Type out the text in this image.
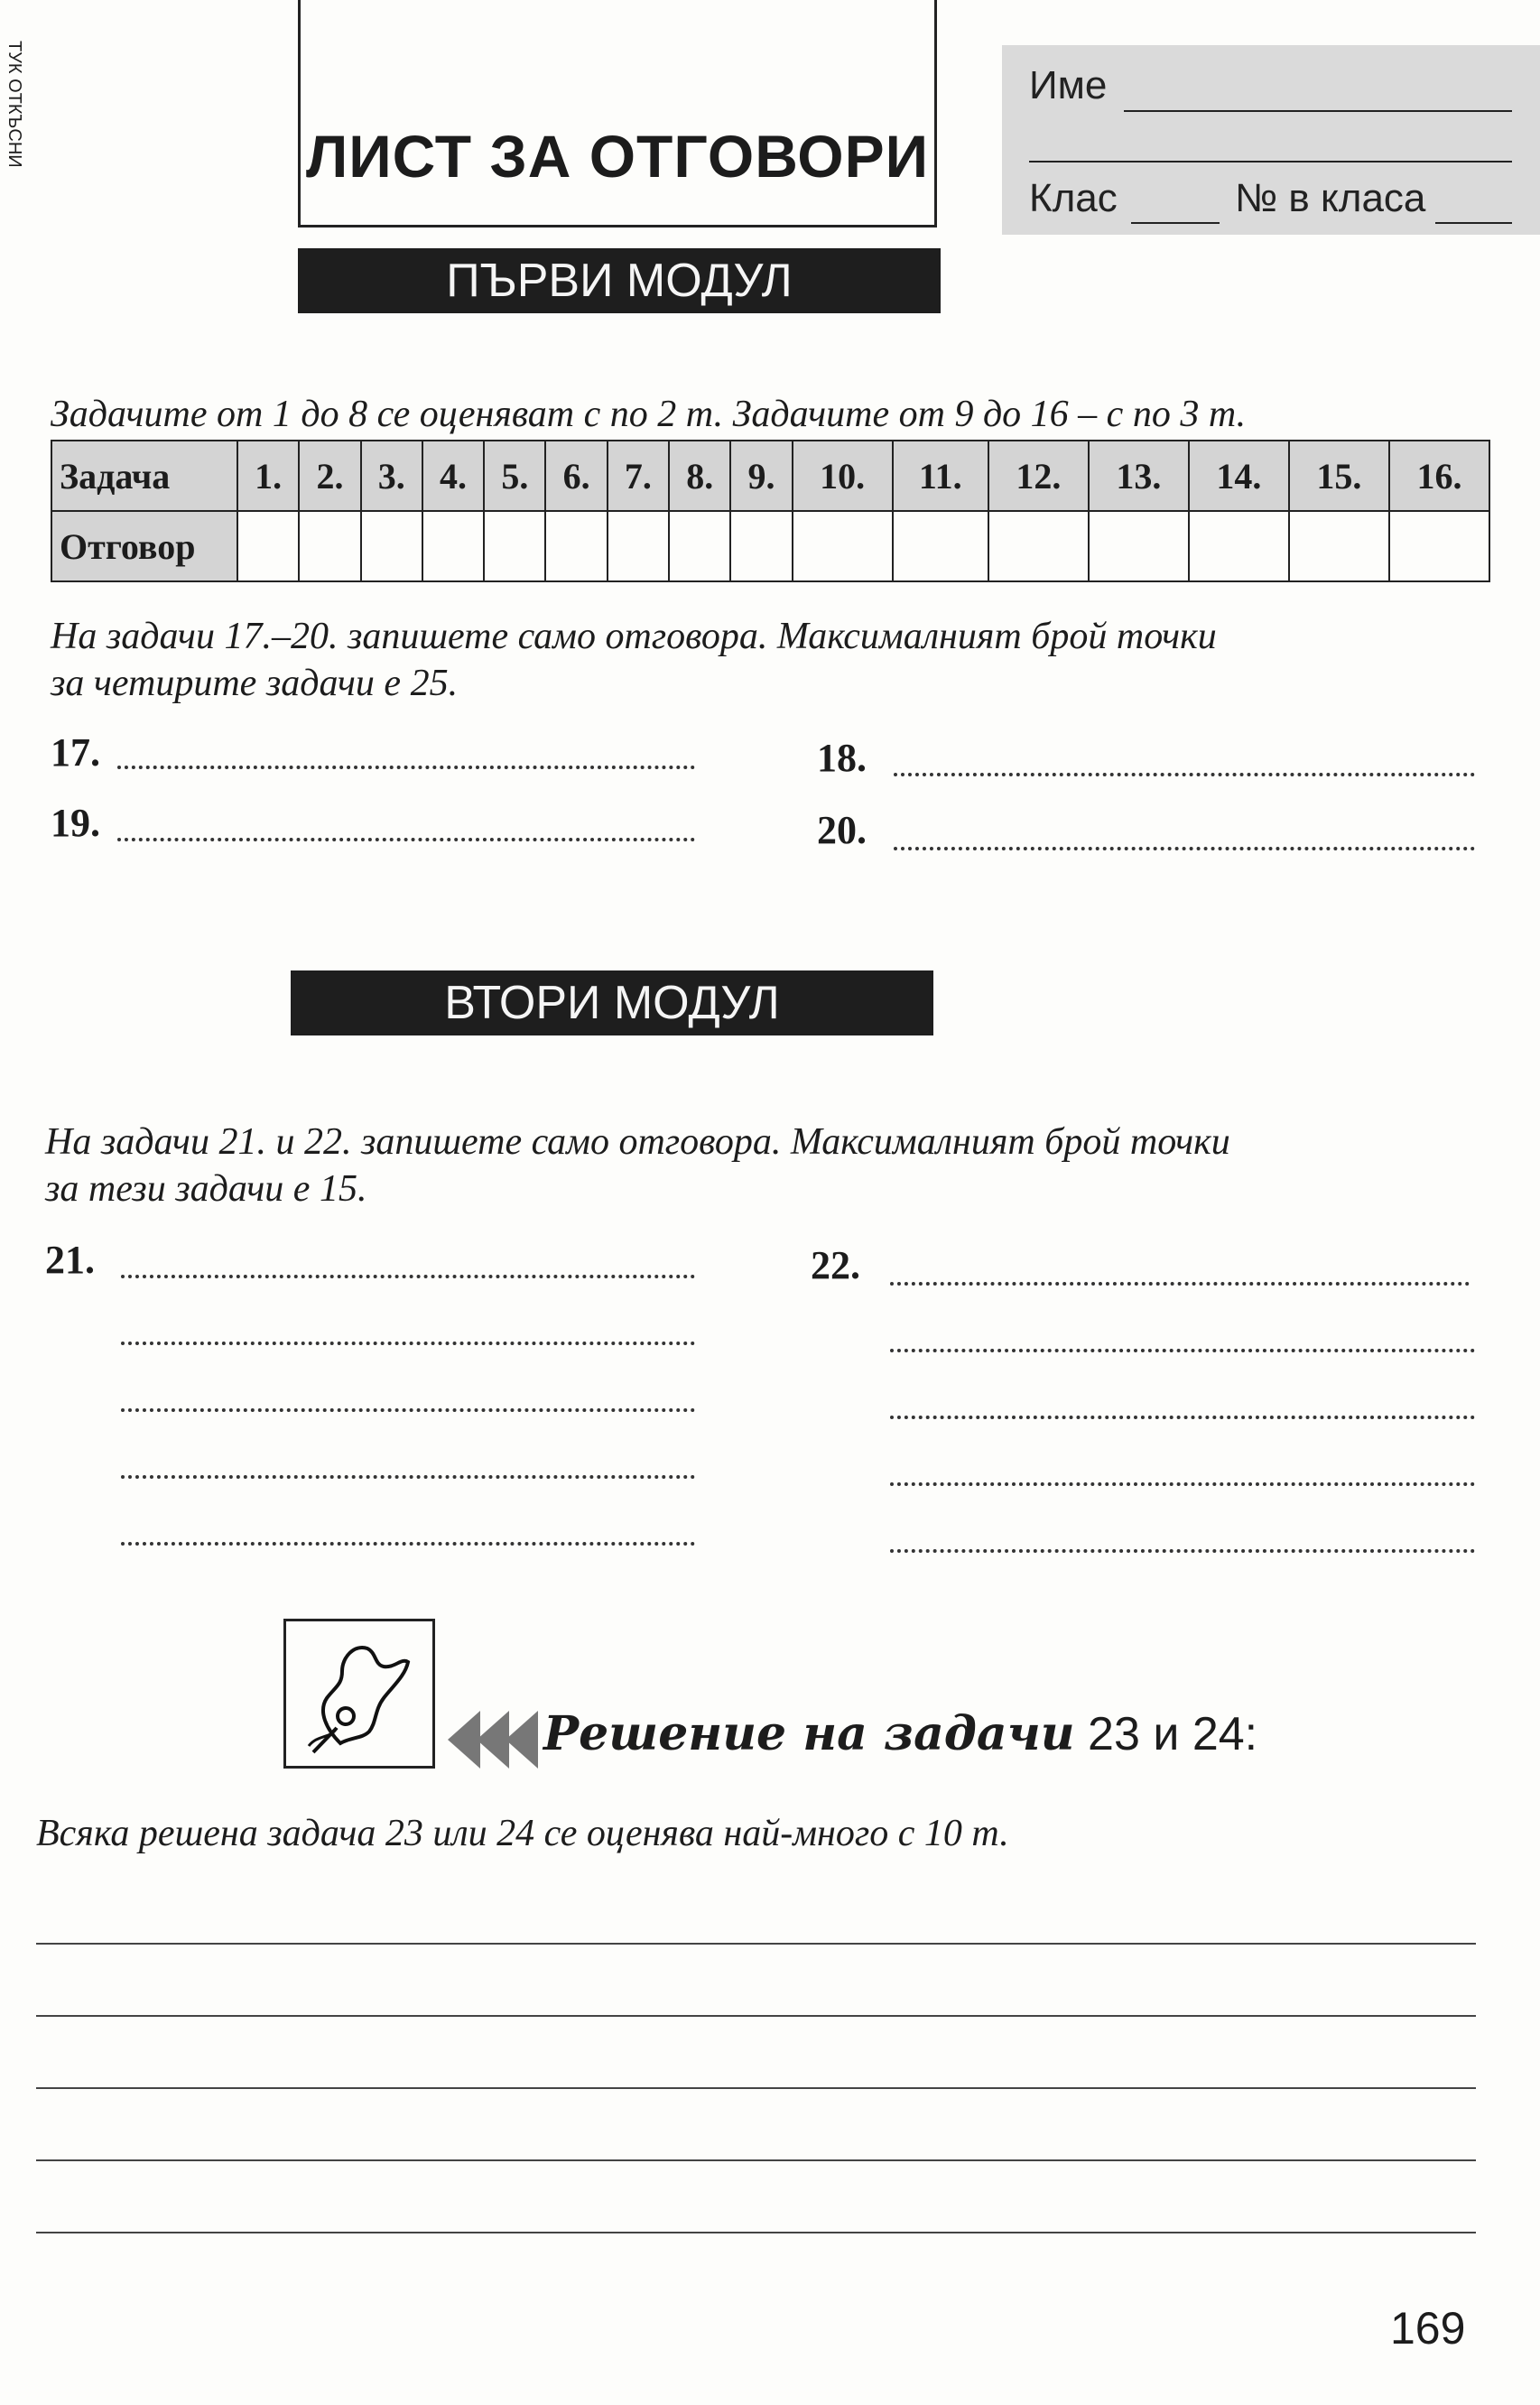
ТУК ОТКЪСНИ	ЛИСТ ЗА ОТГОВОРИ
Име
Клас	№ в класа
ПЪРВИ МОДУЛ
Задачите от 1 до 8 се оценяват с по 2 т. Задачите от 9 до 16 – с по 3 т.
Задача	1.	2.	3.	4.	5.	6.	7.	8.	9.	10.	11.	12.	13.	14.	15.	16.
Отговор																
На задачи 17.–20. запишете само отговора. Максималният брой точки
за четирите задачи е 25.
17.	18.
19.	20.
ВТОРИ МОДУЛ
На задачи 21. и 22. запишете само отговора. Максималният брой точки
за тези задачи е 15.
21.	22.
Решение на задачи 23 и 24:
Всяка решена задача 23 или 24 се оценява най-много с 10 т.
169
